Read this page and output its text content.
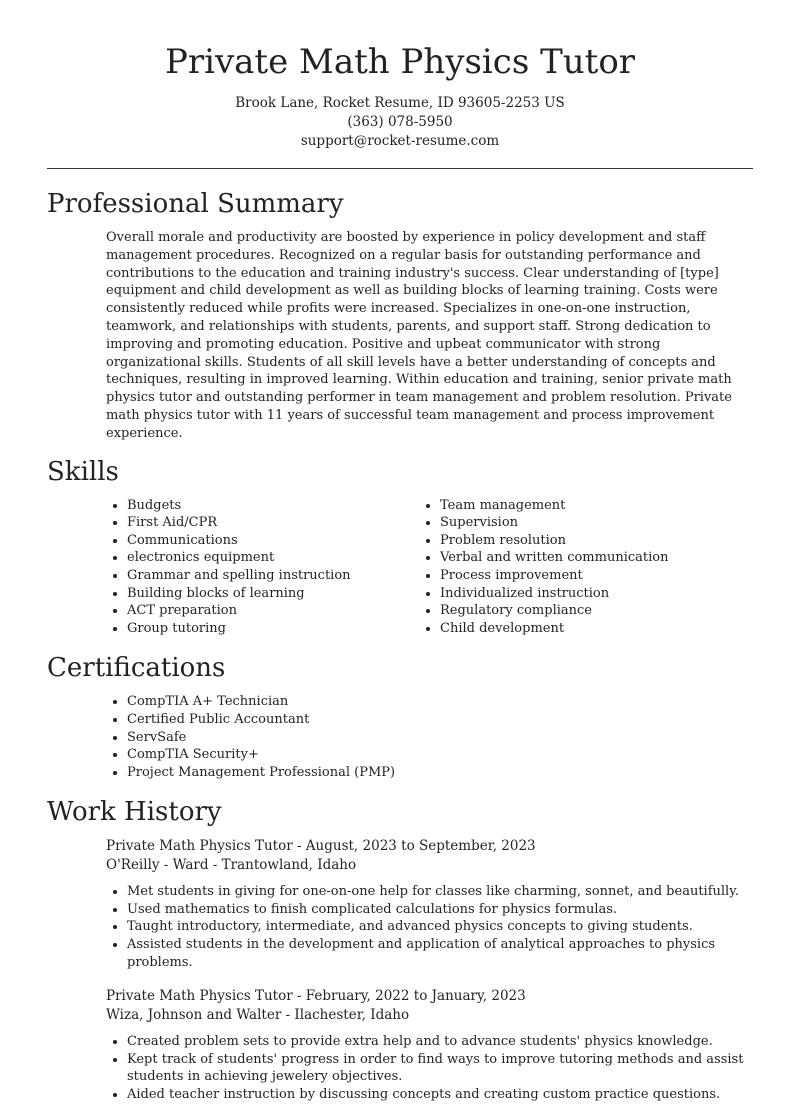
Private Math Physics Tutor
Brook Lane, Rocket Resume, ID 93605-2253 US
(363) 078-5950
support@rocket-resume.com
Professional Summary

Overall morale and productivity are boosted by experience in policy development and staff management procedures. Recognized on a regular basis for outstanding performance and contributions to the education and training industry's success. Clear understanding of [type] equipment and child development as well as building blocks of learning training. Costs were consistently reduced while profits were increased. Specializes in one-on-one instruction, teamwork, and relationships with students, parents, and support staff. Strong dedication to improving and promoting education. Positive and upbeat communicator with strong organizational skills. Students of all skill levels have a better understanding of concepts and techniques, resulting in improved learning. Within education and training, senior private math physics tutor and outstanding performer in team management and problem resolution. Private math physics tutor with 11 years of successful team management and process improvement experience.

Skills
• Budgets
• First Aid/CPR
• Communications
• electronics equipment
• Grammar and spelling instruction
• Building blocks of learning
• ACT preparation
• Group tutoring
• Team management
• Supervision
• Problem resolution
• Verbal and written communication
• Process improvement
• Individualized instruction
• Regulatory compliance
• Child development
Certifications
• CompTIA A+ Technician
• Certified Public Accountant
• ServSafe
• CompTIA Security+
• Project Management Professional (PMP)
Work History
Private Math Physics Tutor - August, 2023 to September, 2023
O'Reilly - Ward - Trantowland, Idaho
• Met students in giving for one-on-one help for classes like charming, sonnet, and beautifully.
• Used mathematics to finish complicated calculations for physics formulas.
• Taught introductory, intermediate, and advanced physics concepts to giving students.
• Assisted students in the development and application of analytical approaches to physics problems.
Private Math Physics Tutor - February, 2022 to January, 2023
Wiza, Johnson and Walter - Ilachester, Idaho
• Created problem sets to provide extra help and to advance students' physics knowledge.
• Kept track of students' progress in order to find ways to improve tutoring methods and assist students in achieving jewelery objectives.
• Aided teacher instruction by discussing concepts and creating custom practice questions.
